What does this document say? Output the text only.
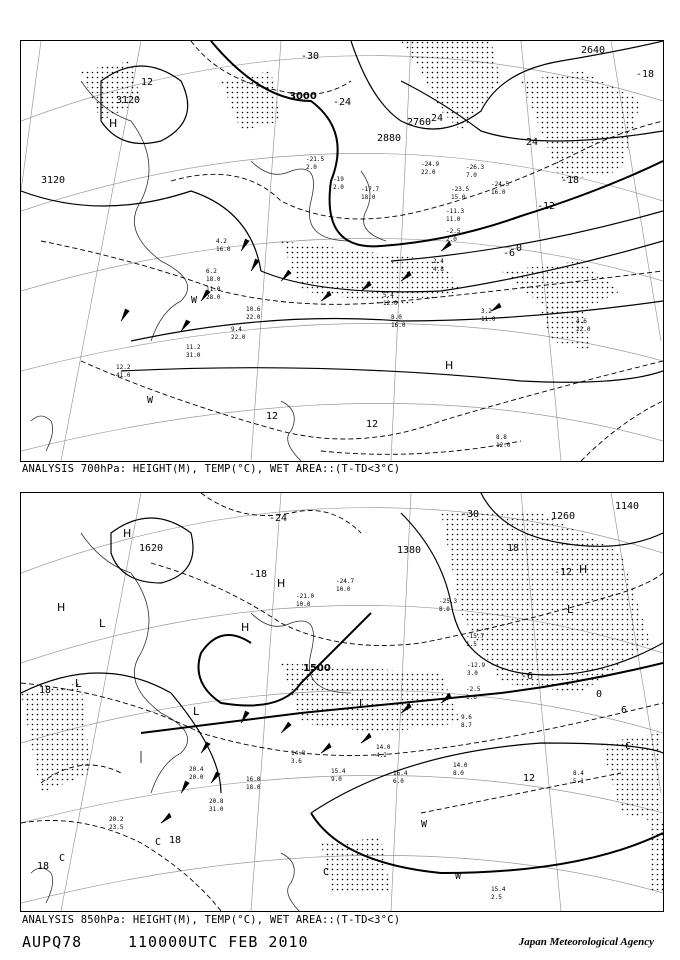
-21.5
2.0
-19
2.0	-17.7
18.0
-24.9
22.0
-26.3
7.0
-23.5
15.0
-24.5
16.0
-11.3
11.0
-2.5
2.0
2.4
4.8
4.2
16.0
6.2
18.0
11.0
28.0
10.6
22.0
5.4
12.0
8.0
16.0
3.2
11.0	4.6
22.0
9.4
22.0
11.2
31.0
8.8
12.0
12.2
41.0
3000
3120
3120
2640
2760
2880
-30
-24
-18
-18
-12
-6 0
12
12
12
24
24
H
H
W
W
ANALYSIS 700hPa: HEIGHT(M), TEMP(°C), WET AREA::(T-TD<3°C)
-21.0
10.0
-24.7
10.0
-25.3
8.0
-15.7
1.5
-12.9
3.0
-2.5
1.6
9.6
8.7
14.8
3.6
15.4
9.0
16.4
6.0
14.0
8.0
14.0
4.2
20.4
20.0
20.8
31.0
20.2
23.5
8.4
5.1
15.4
2.5
16.0
18.0
1500
1620	1380
1260
1140
-30
-24
-18	-12
-6
0
6
12
18
18
18
18
H
H
H
H
H
L
L
L
L
L
W
W
C
C
C
C
ANALYSIS 850hPa: HEIGHT(M), TEMP(°C), WET AREA::(T-TD<3°C)
AUPQ78	110000UTC FEB 2010	Japan Meteorological Agency
